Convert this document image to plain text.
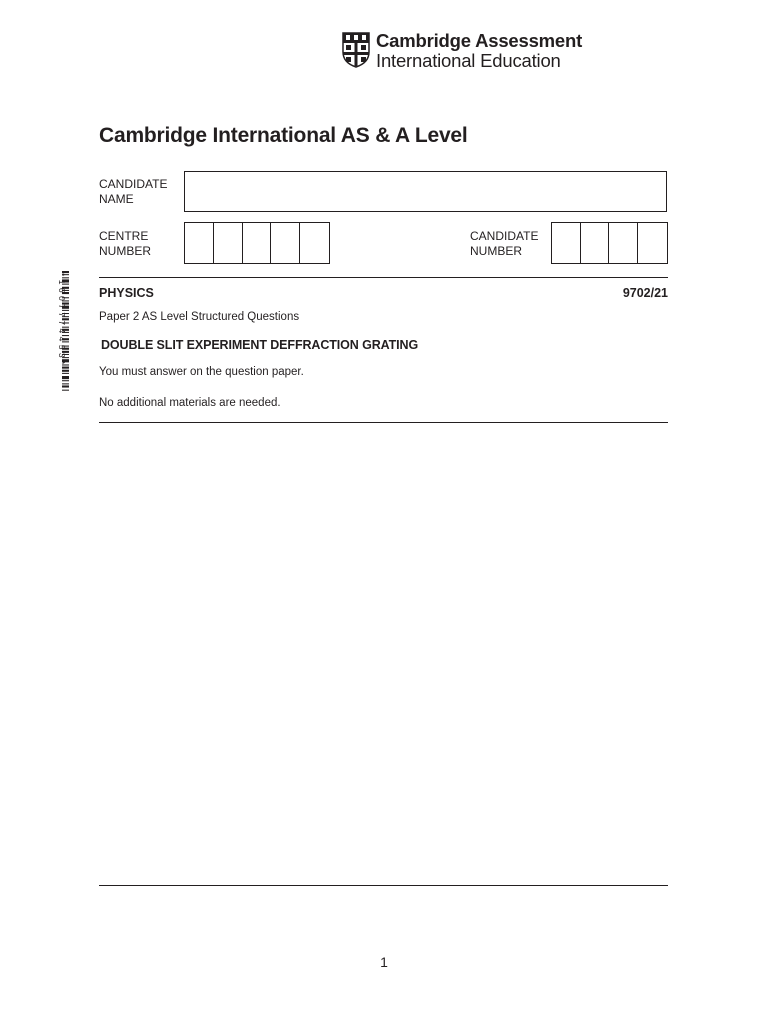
Cambridge Assessment
International Education
Cambridge International AS & A Level
CANDIDATE
NAME
CENTRE
NUMBER
CANDIDATE
NUMBER
PHYSICS	9702/21
Paper 2 AS Level Structured Questions
DOUBLE SLIT EXPERIMENT DEFFRACTION GRATING
You must answer on the question paper.
No additional materials are needed.
*1607774453*
1
